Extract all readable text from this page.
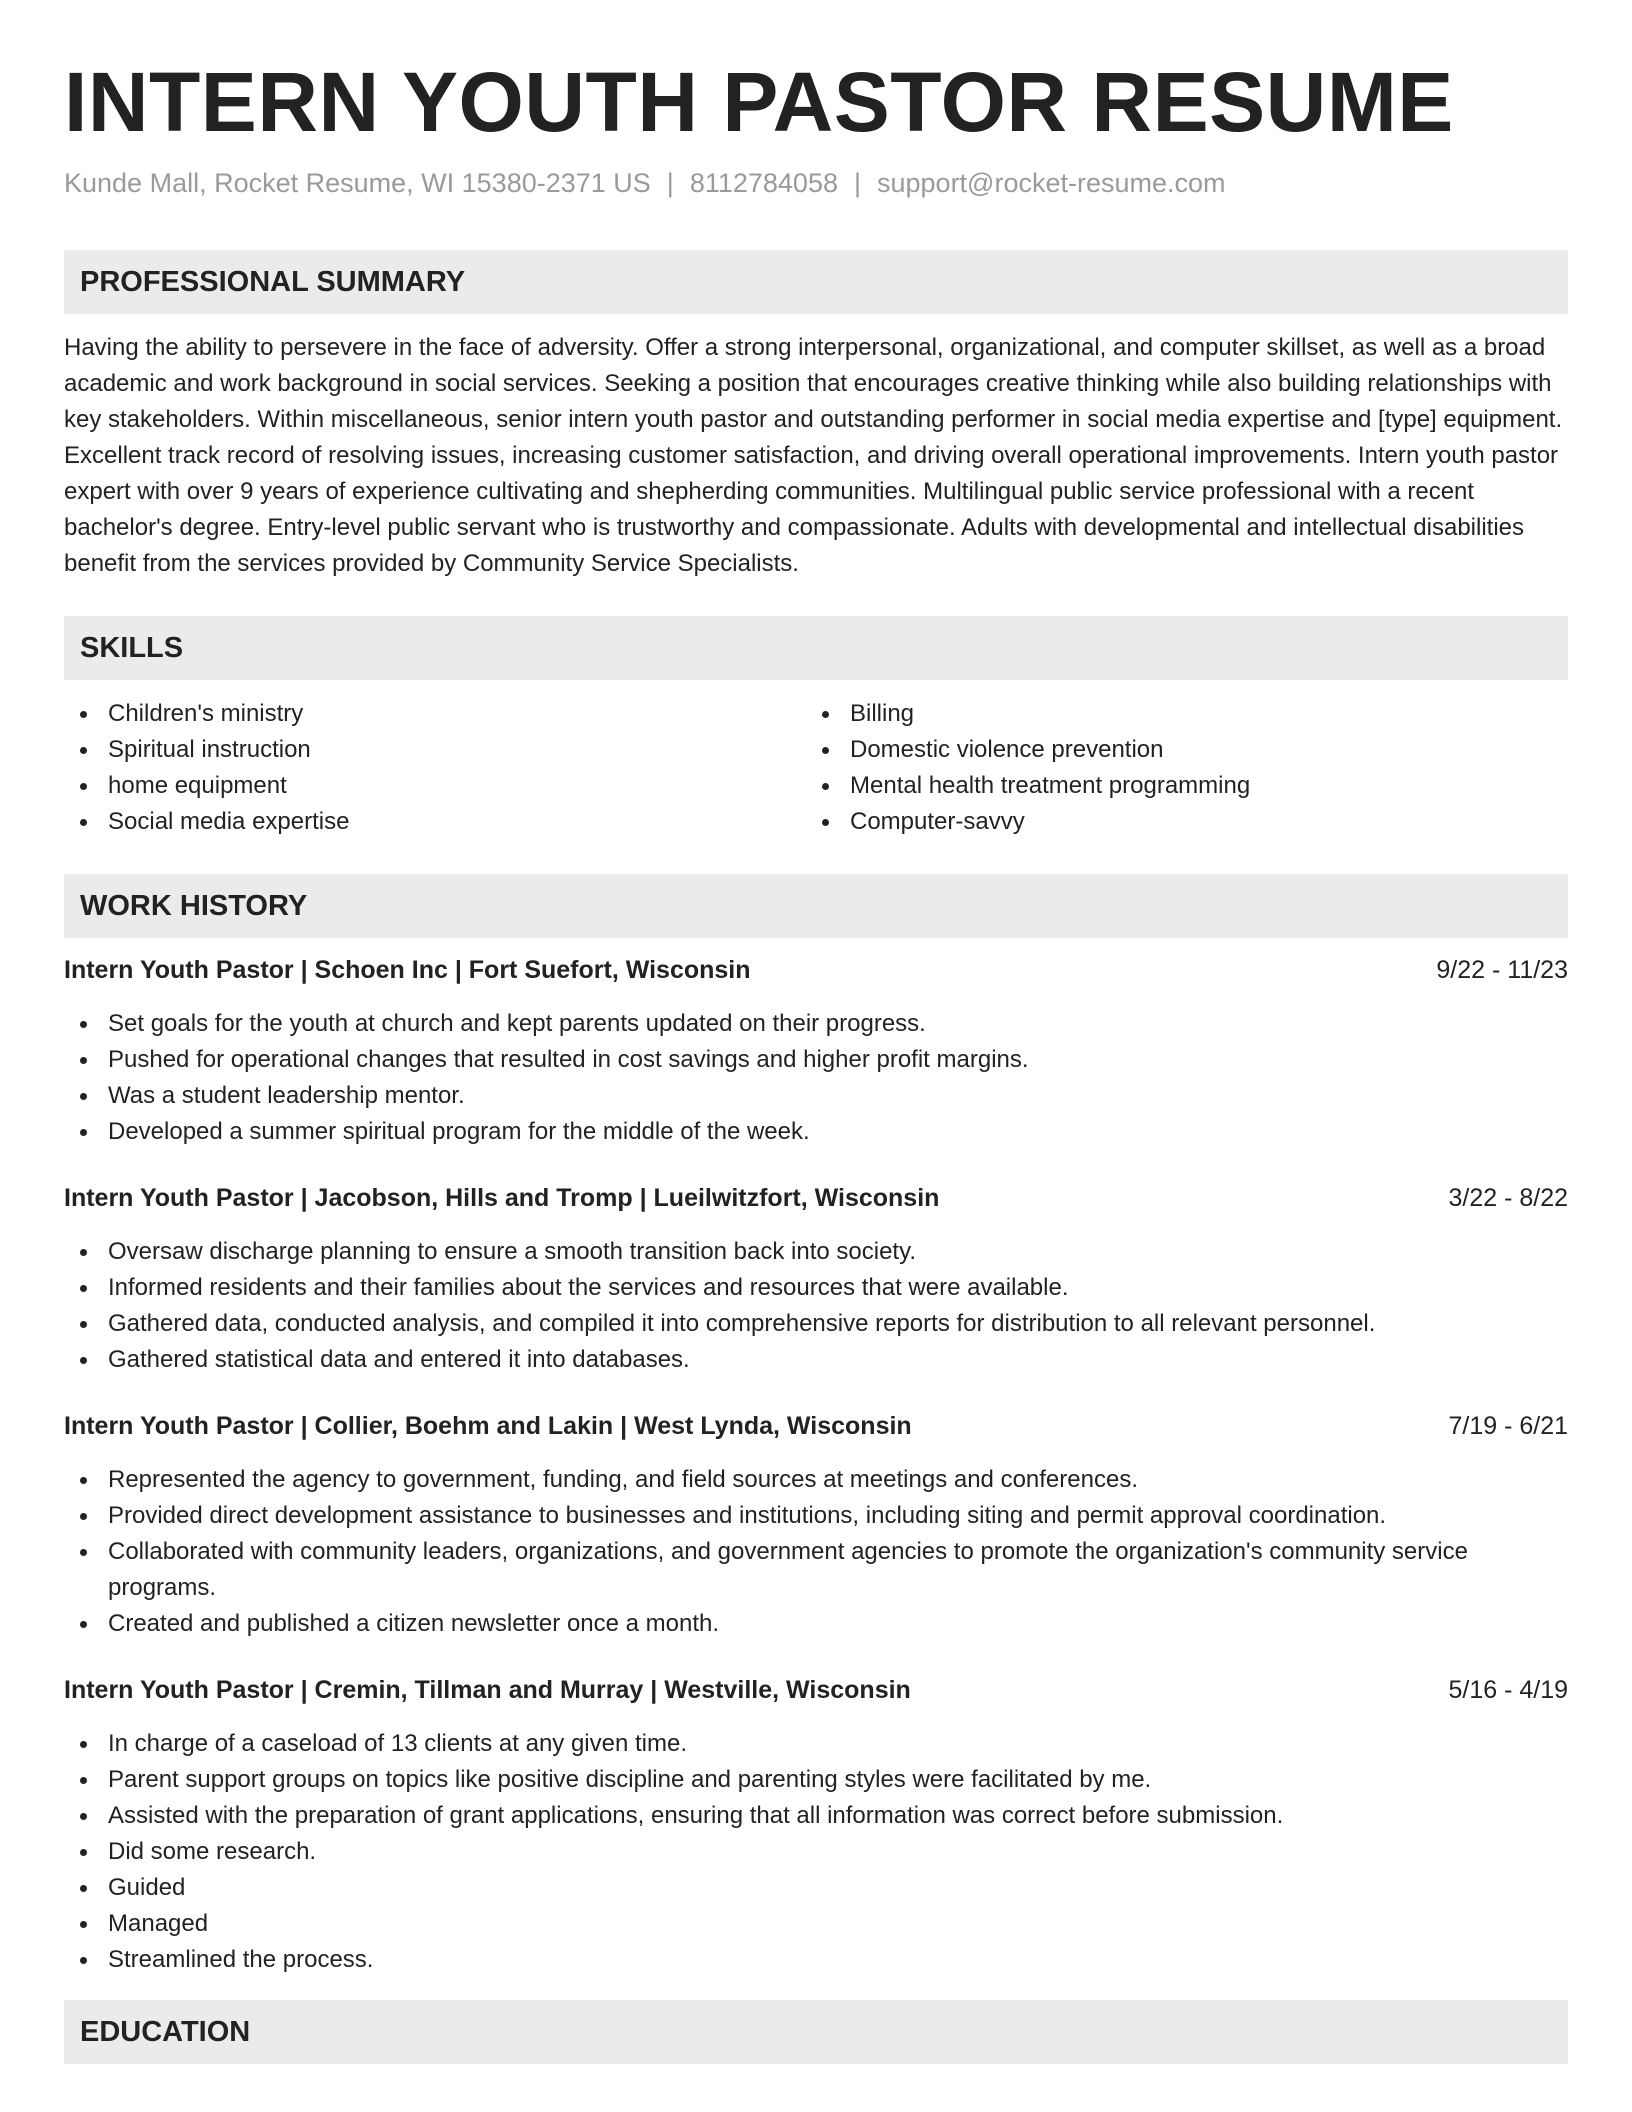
INTERN YOUTH PASTOR RESUME
Kunde Mall, Rocket Resume, WI 15380-2371 US | 8112784058 | support@rocket-resume.com
PROFESSIONAL SUMMARY

Having the ability to persevere in the face of adversity. Offer a strong interpersonal, organizational, and computer skillset, as well as a broad academic and work background in social services. Seeking a position that encourages creative thinking while also building relationships with key stakeholders. Within miscellaneous, senior intern youth pastor and outstanding performer in social media expertise and [type] equipment. Excellent track record of resolving issues, increasing customer satisfaction, and driving overall operational improvements. Intern youth pastor expert with over 9 years of experience cultivating and shepherding communities. Multilingual public service professional with a recent bachelor's degree. Entry-level public servant who is trustworthy and compassionate. Adults with developmental and intellectual disabilities benefit from the services provided by Community Service Specialists.

SKILLS
Children's ministry
Spiritual instruction
home equipment
Social media expertise
Billing
Domestic violence prevention
Mental health treatment programming
Computer-savvy
WORK HISTORY
Intern Youth Pastor | Schoen Inc | Fort Suefort, Wisconsin	9/22 - 11/23
Set goals for the youth at church and kept parents updated on their progress.
Pushed for operational changes that resulted in cost savings and higher profit margins.
Was a student leadership mentor.
Developed a summer spiritual program for the middle of the week.
Intern Youth Pastor | Jacobson, Hills and Tromp | Lueilwitzfort, Wisconsin	3/22 - 8/22
Oversaw discharge planning to ensure a smooth transition back into society.
Informed residents and their families about the services and resources that were available.
Gathered data, conducted analysis, and compiled it into comprehensive reports for distribution to all relevant personnel.
Gathered statistical data and entered it into databases.
Intern Youth Pastor | Collier, Boehm and Lakin | West Lynda, Wisconsin	7/19 - 6/21
Represented the agency to government, funding, and field sources at meetings and conferences.
Provided direct development assistance to businesses and institutions, including siting and permit approval coordination.
Collaborated with community leaders, organizations, and government agencies to promote the organization's community service programs.
Created and published a citizen newsletter once a month.
Intern Youth Pastor | Cremin, Tillman and Murray | Westville, Wisconsin	5/16 - 4/19
In charge of a caseload of 13 clients at any given time.
Parent support groups on topics like positive discipline and parenting styles were facilitated by me.
Assisted with the preparation of grant applications, ensuring that all information was correct before submission.
Did some research.
Guided
Managed
Streamlined the process.
EDUCATION
